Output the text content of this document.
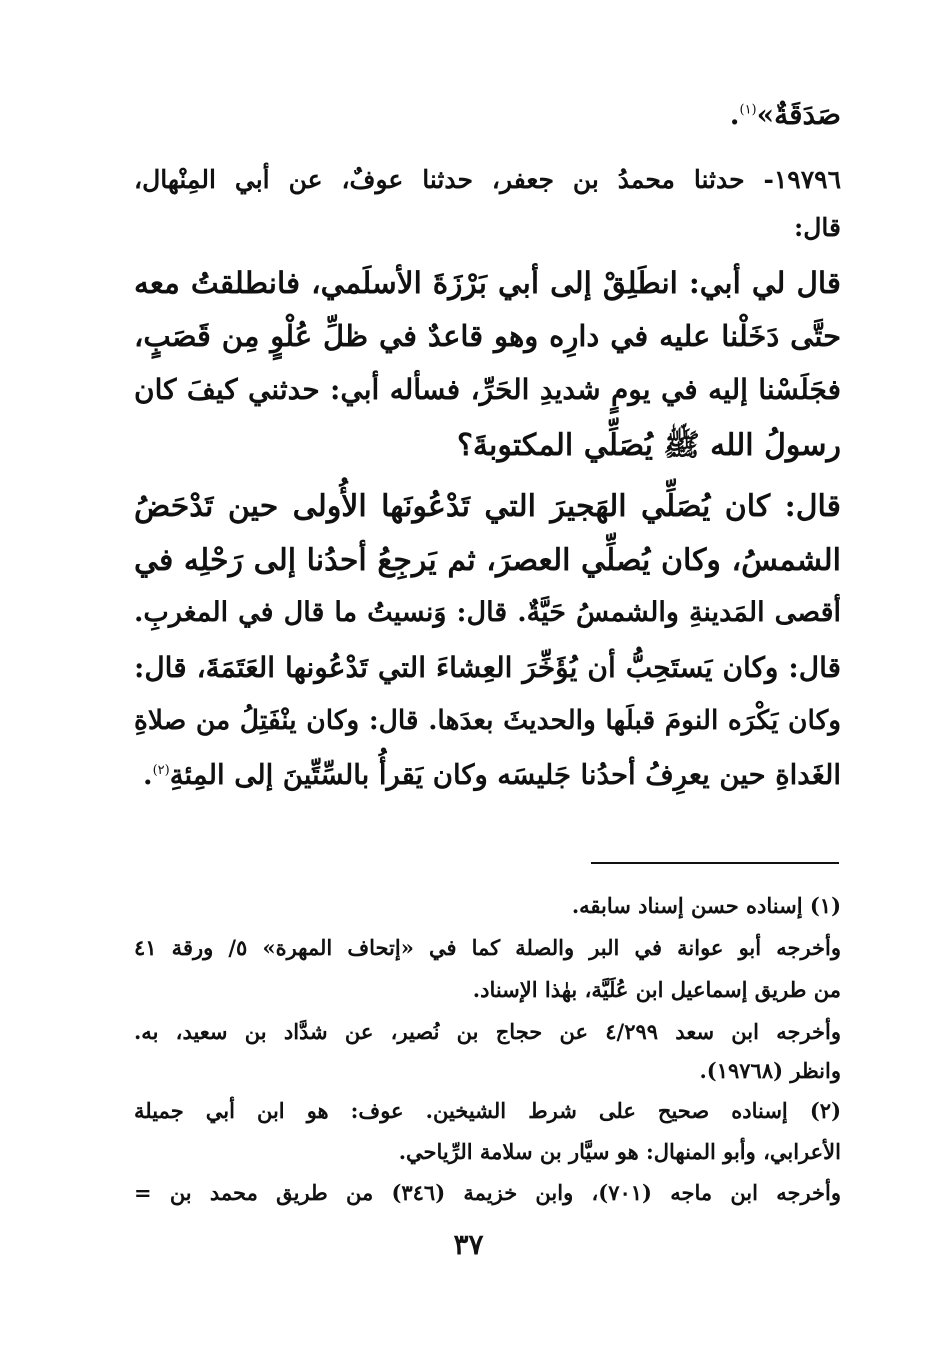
صَدَقَةٌ»$^{(١)}$.
١٩٧٩٦- حدثنا محمدُ بن جعفر، حدثنا عوفٌ، عن أبي المِنْهال،
قال:
قال لي أبي: انطَلِقْ إلى أبي بَرْزَةَ الأسلَمي، فانطلقتُ معه
حتَّى دَخَلْنا عليه في دارِه وهو قاعدٌ في ظلِّ عُلْوٍ مِن قَصَبٍ،
فجَلَسْنا إليه في يومٍ شديدِ الحَرِّ، فسأله أبي: حدثني كيفَ كان
رسولُ الله ﷺ يُصَلِّي المكتوبةَ؟
قال: كان يُصَلِّي الهَجيرَ التي تَدْعُونَها الأُولى حين تَدْحَضُ
الشمسُ، وكان يُصلِّي العصرَ، ثم يَرجِعُ أحدُنا إلى رَحْلِه في
أقصى المَدينةِ والشمسُ حَيَّةٌ. قال: وَنسيتُ ما قال في المغربِ.
قال: وكان يَستَحِبُّ أن يُؤَخِّرَ العِشاءَ التي تَدْعُونها العَتَمَةَ، قال:
وكان يَكْرَه النومَ قبلَها والحديثَ بعدَها. قال: وكان ينْفَتِلُ من صلاةِ
الغَداةِ حين يعرِفُ أحدُنا جَليسَه وكان يَقرأُ بالسِّتِّينَ إلى المِئةِ$^{(٢)}$.
(١) إسناده حسن إسناد سابقه.
وأخرجه أبو عوانة في البر والصلة كما في «إتحاف المهرة» ٥/ ورقة ٤١
من طريق إسماعيل ابن عُلَيَّة، بهٰذا الإسناد.
وأخرجه ابن سعد ٤/٢٩٩ عن حجاج بن نُصير، عن شدَّاد بن سعيد، به.
وانظر (١٩٧٦٨).
(٢) إسناده صحيح على شرط الشيخين. عوف: هو ابن أبي جميلة
الأعرابي، وأبو المنهال: هو سيَّار بن سلامة الرِّياحي.
وأخرجه ابن ماجه (٧٠١)، وابن خزيمة (٣٤٦) من طريق محمد بن =
٣٧
